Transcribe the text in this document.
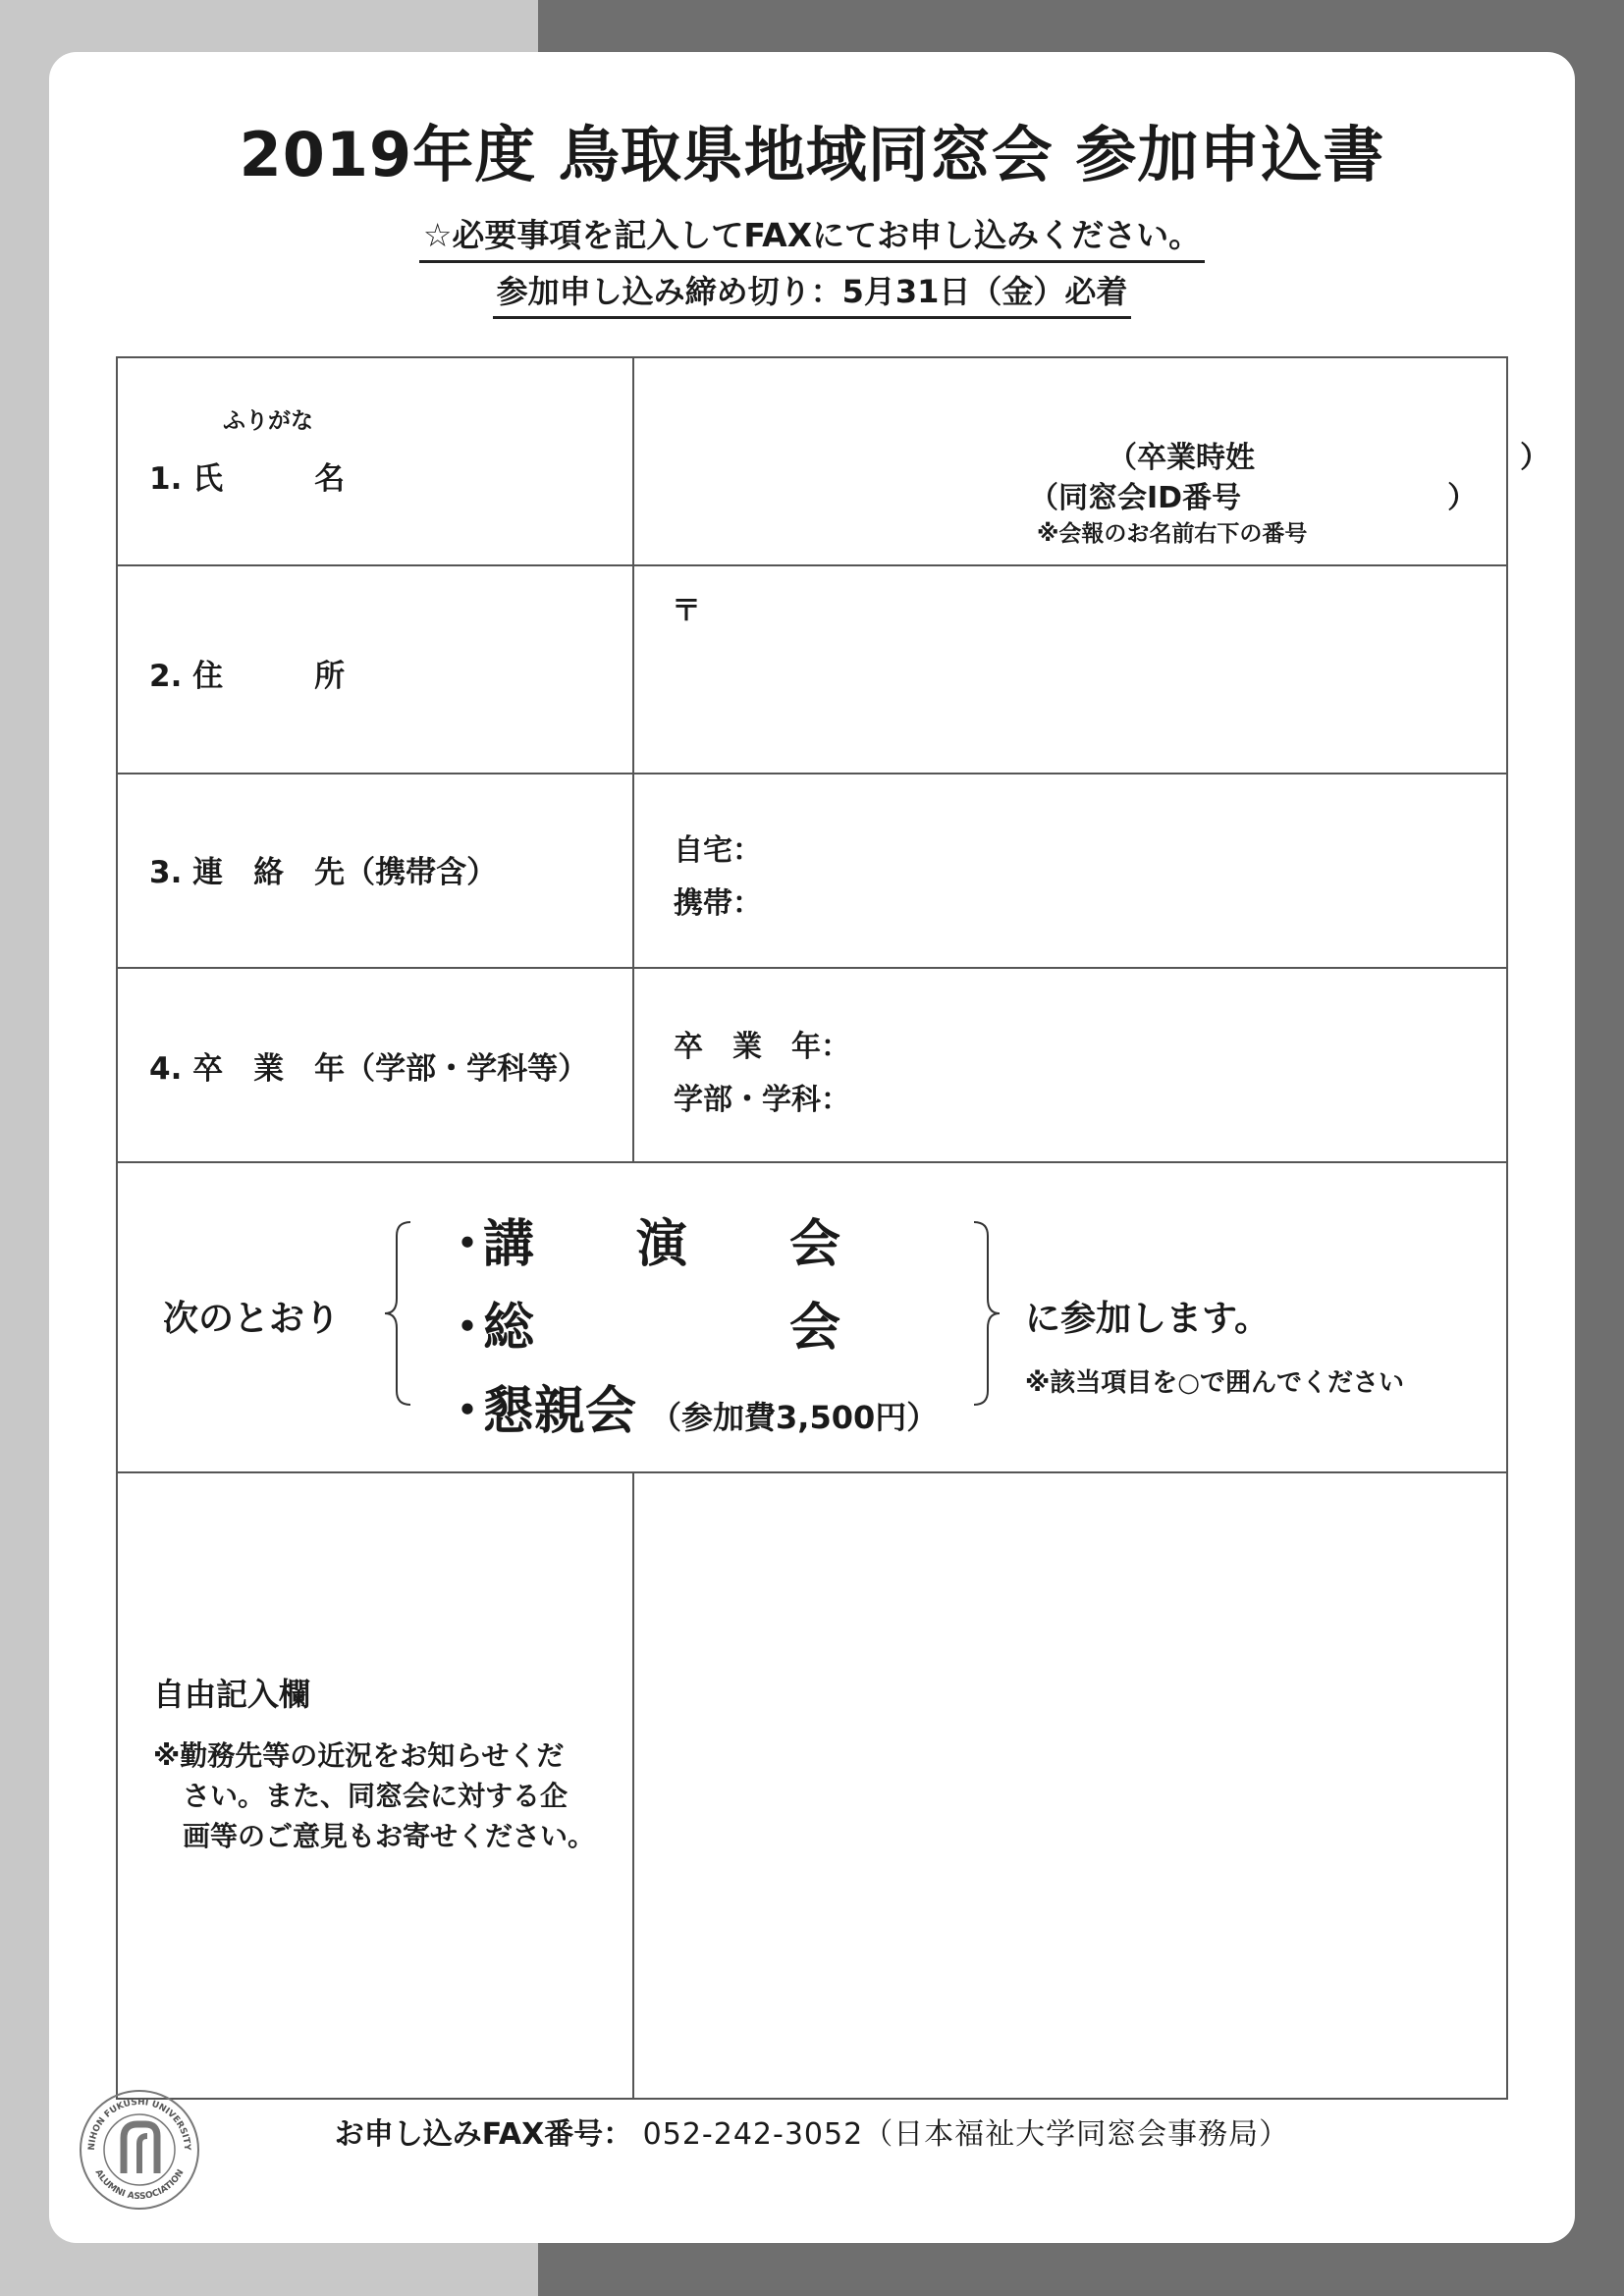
2019年度 鳥取県地域同窓会 参加申込書
☆必要事項を記入してFAXにてお申し込みください。
参加申し込み締め切り：5月31日（金）必着
ふりがな
1. 氏　　　名
（卒業時姓　　　　　　　　　）
（同窓会ID番号　　　　　　　）
※会報のお名前右下の番号
2. 住　　　所
〒
3. 連　絡　先（携帯含）
自宅：
携帯：
4. 卒　業　年（学部・学科等）
卒　業　年：
学部・学科：
次のとおり
・講　　演　　会
・総　　　　　会
・懇親会 （参加費3,500円）
に参加します。
※該当項目を○で囲んでください
自由記入欄
※勤務先等の近況をお知らせくだ
さい。また、同窓会に対する企
画等のご意見もお寄せください。
お申し込みFAX番号： 052-242-3052（日本福祉大学同窓会事務局）
NIHON FUKUSHI UNIVERSITY
ALUMNI ASSOCIATION
